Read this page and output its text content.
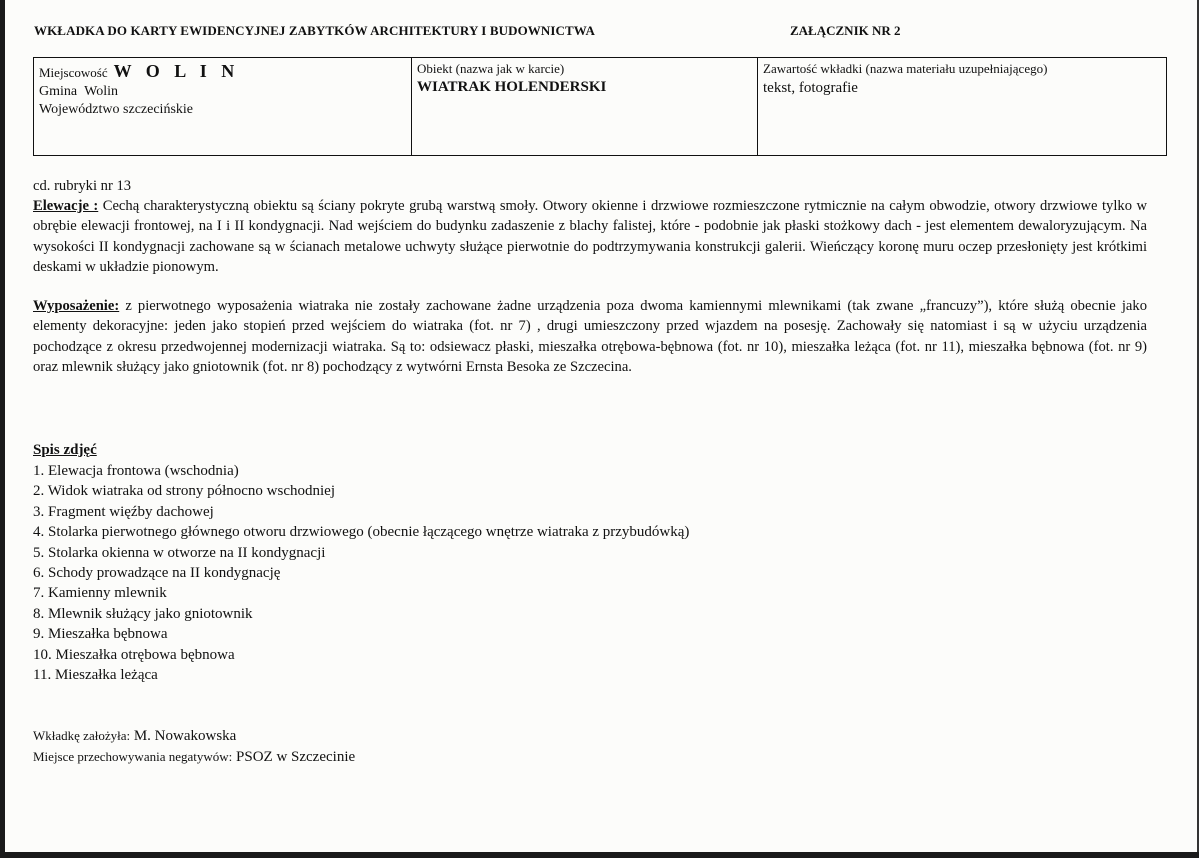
WKŁADKA DO KARTY EWIDENCYJNEJ ZABYTKÓW ARCHITEKTURY I BUDOWNICTWA	ZAŁĄCZNIK NR 2
Miejscowość W O L I N
Gmina Wolin
Województwo szczecińskie
Obiekt (nazwa jak w karcie)
WIATRAK HOLENDERSKI
Zawartość wkładki (nazwa materiału uzupełniającego)
tekst, fotografie
cd. rubryki nr 13
Elewacje : Cechą charakterystyczną obiektu są ściany pokryte grubą warstwą smoły. Otwory okienne i drzwiowe rozmieszczone rytmicznie na całym obwodzie, otwory drzwiowe tylko w obrębie elewacji frontowej, na I i II kondygnacji. Nad wejściem do budynku zadaszenie z blachy falistej, które - podobnie jak płaski stożkowy dach - jest elementem dewaloryzującym. Na wysokości II kondygnacji zachowane są w ścianach metalowe uchwyty służące pierwotnie do podtrzymywania konstrukcji galerii. Wieńczący koronę muru oczep przesłonięty jest krótkimi deskami w układzie pionowym.
Wyposażenie: z pierwotnego wyposażenia wiatraka nie zostały zachowane żadne urządzenia poza dwoma kamiennymi mlewnikami (tak zwane „francuzy”), które służą obecnie jako elementy dekoracyjne: jeden jako stopień przed wejściem do wiatraka (fot. nr 7) , drugi umieszczony przed wjazdem na posesję. Zachowały się natomiast i są w użyciu urządzenia pochodzące z okresu przedwojennej modernizacji wiatraka. Są to: odsiewacz płaski, mieszałka otrębowa-bębnowa (fot. nr 10), mieszałka leżąca (fot. nr 11), mieszałka bębnowa (fot. nr 9) oraz mlewnik służący jako gniotownik (fot. nr 8) pochodzący z wytwórni Ernsta Besoka ze Szczecina.
Spis zdjęć
1. Elewacja frontowa (wschodnia)
2. Widok wiatraka od strony północno wschodniej
3. Fragment więźby dachowej
4. Stolarka pierwotnego głównego otworu drzwiowego (obecnie łączącego wnętrze wiatraka z przybudówką)
5. Stolarka okienna w otworze na II kondygnacji
6. Schody prowadzące na II kondygnację
7. Kamienny mlewnik
8. Mlewnik służący jako gniotownik
9. Mieszałka bębnowa
10. Mieszałka otrębowa bębnowa
11. Mieszałka leżąca
Wkładkę założyła: M. Nowakowska
Miejsce przechowywania negatywów: PSOZ w Szczecinie
